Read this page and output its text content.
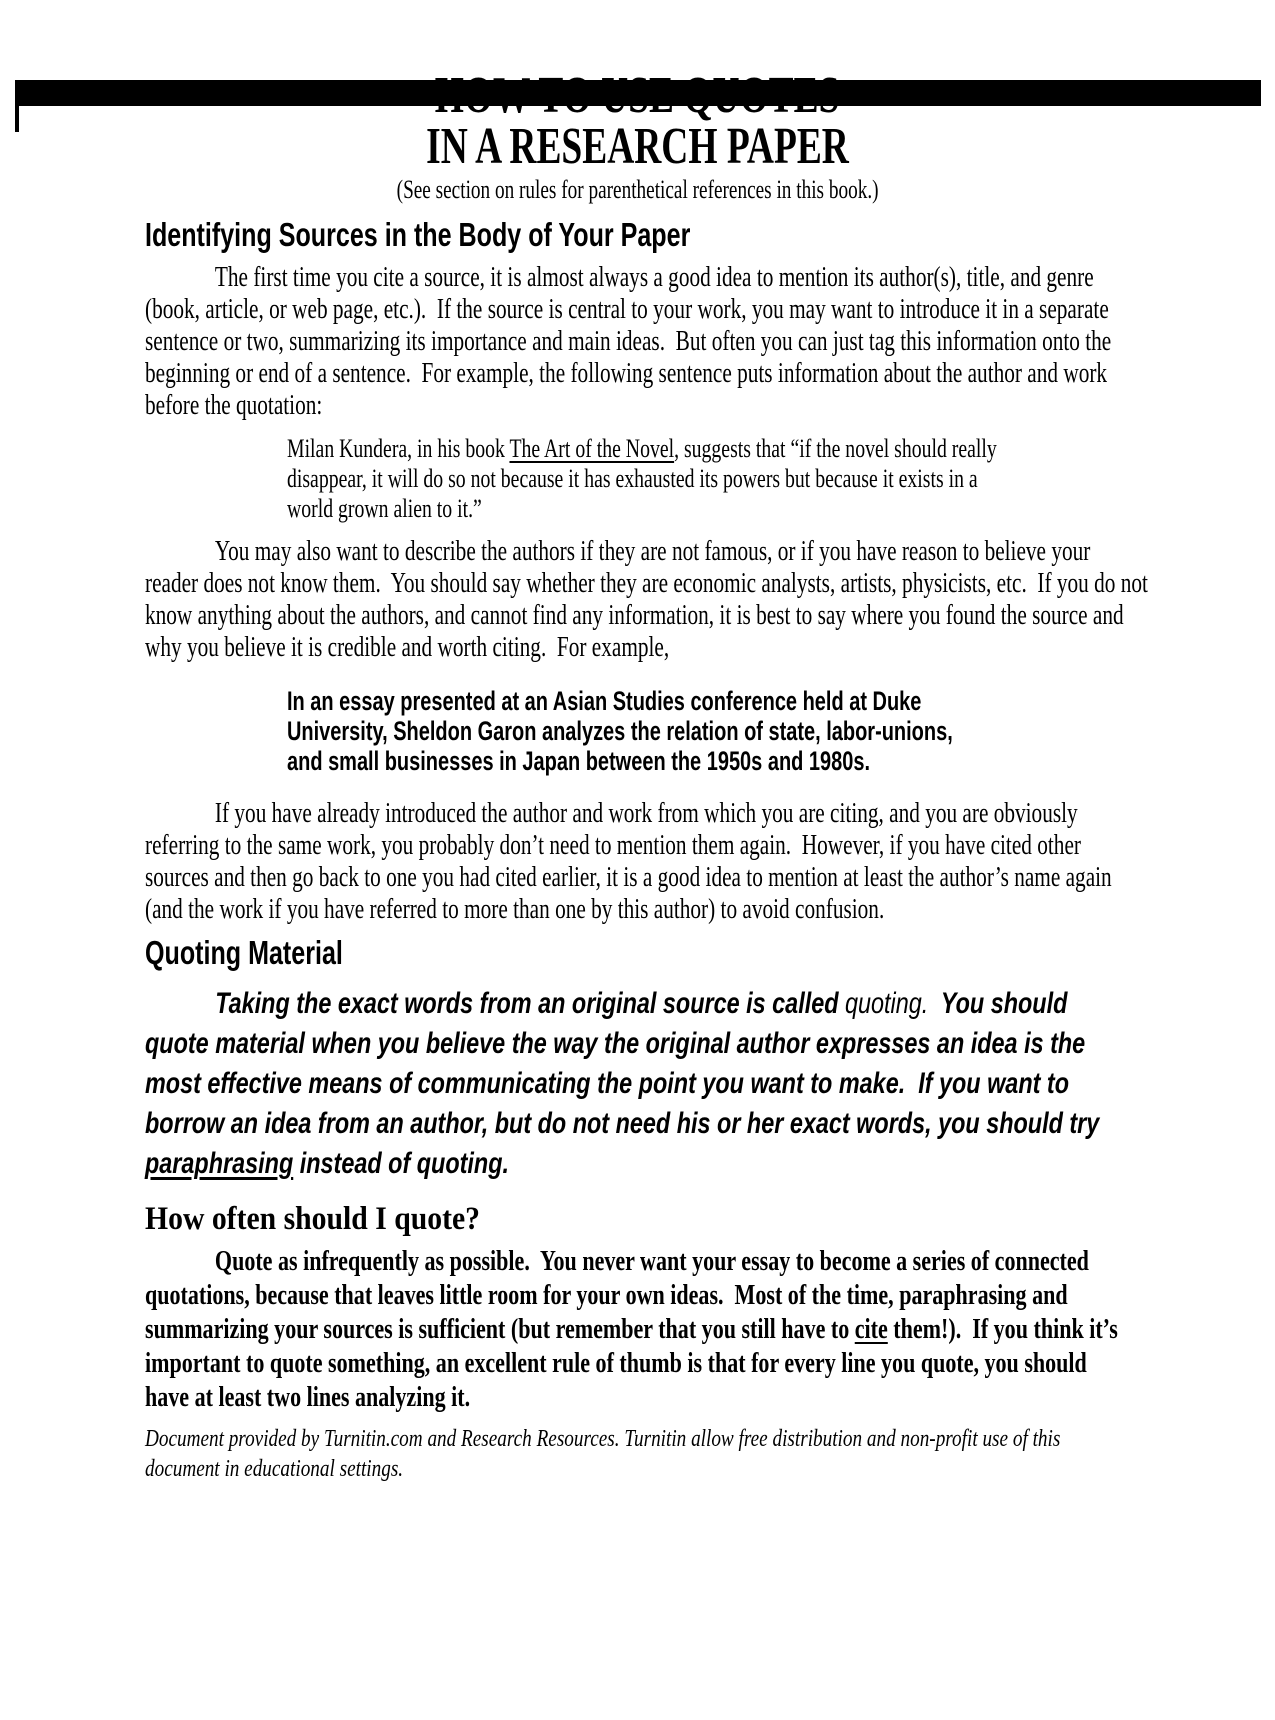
HOW TO USE QUOTES
IN A RESEARCH PAPER
(See section on rules for parenthetical references in this book.)
Identifying Sources in the Body of Your Paper
The first time you cite a source, it is almost always a good idea to mention its author(s), title, and genre (book, article, or web page, etc.).  If the source is central to your work, you may want to introduce it in a separate sentence or two, summarizing its importance and main ideas.  But often you can just tag this information onto the beginning or end of a sentence.  For example, the following sentence puts information about the author and work before the quotation:
Milan Kundera, in his book The Art of the Novel, suggests that “if the novel should really disappear, it will do so not because it has exhausted its powers but because it exists in a world grown alien to it.”
You may also want to describe the authors if they are not famous, or if you have reason to believe your reader does not know them.  You should say whether they are economic analysts, artists, physicists, etc.  If you do not know anything about the authors, and cannot find any information, it is best to say where you found the source and why you believe it is credible and worth citing.  For example,
In an essay presented at an Asian Studies conference held at Duke University, Sheldon Garon analyzes the relation of state, labor-unions, and small businesses in Japan between the 1950s and 1980s.
If you have already introduced the author and work from which you are citing, and you are obviously referring to the same work, you probably don’t need to mention them again.  However, if you have cited other sources and then go back to one you had cited earlier, it is a good idea to mention at least the author’s name again (and the work if you have referred to more than one by this author) to avoid confusion.
Quoting Material
Taking the exact words from an original source is called quoting.  You should quote material when you believe the way the original author expresses an idea is the most effective means of communicating the point you want to make.  If you want to borrow an idea from an author, but do not need his or her exact words, you should try paraphrasing instead of quoting.
How often should I quote?
Quote as infrequently as possible.  You never want your essay to become a series of connected quotations, because that leaves little room for your own ideas.  Most of the time, paraphrasing and summarizing your sources is sufficient (but remember that you still have to cite them!).  If you think it’s important to quote something, an excellent rule of thumb is that for every line you quote, you should have at least two lines analyzing it.
Document provided by Turnitin.com and Research Resources. Turnitin allow free distribution and non-profit use of this document in educational settings.
